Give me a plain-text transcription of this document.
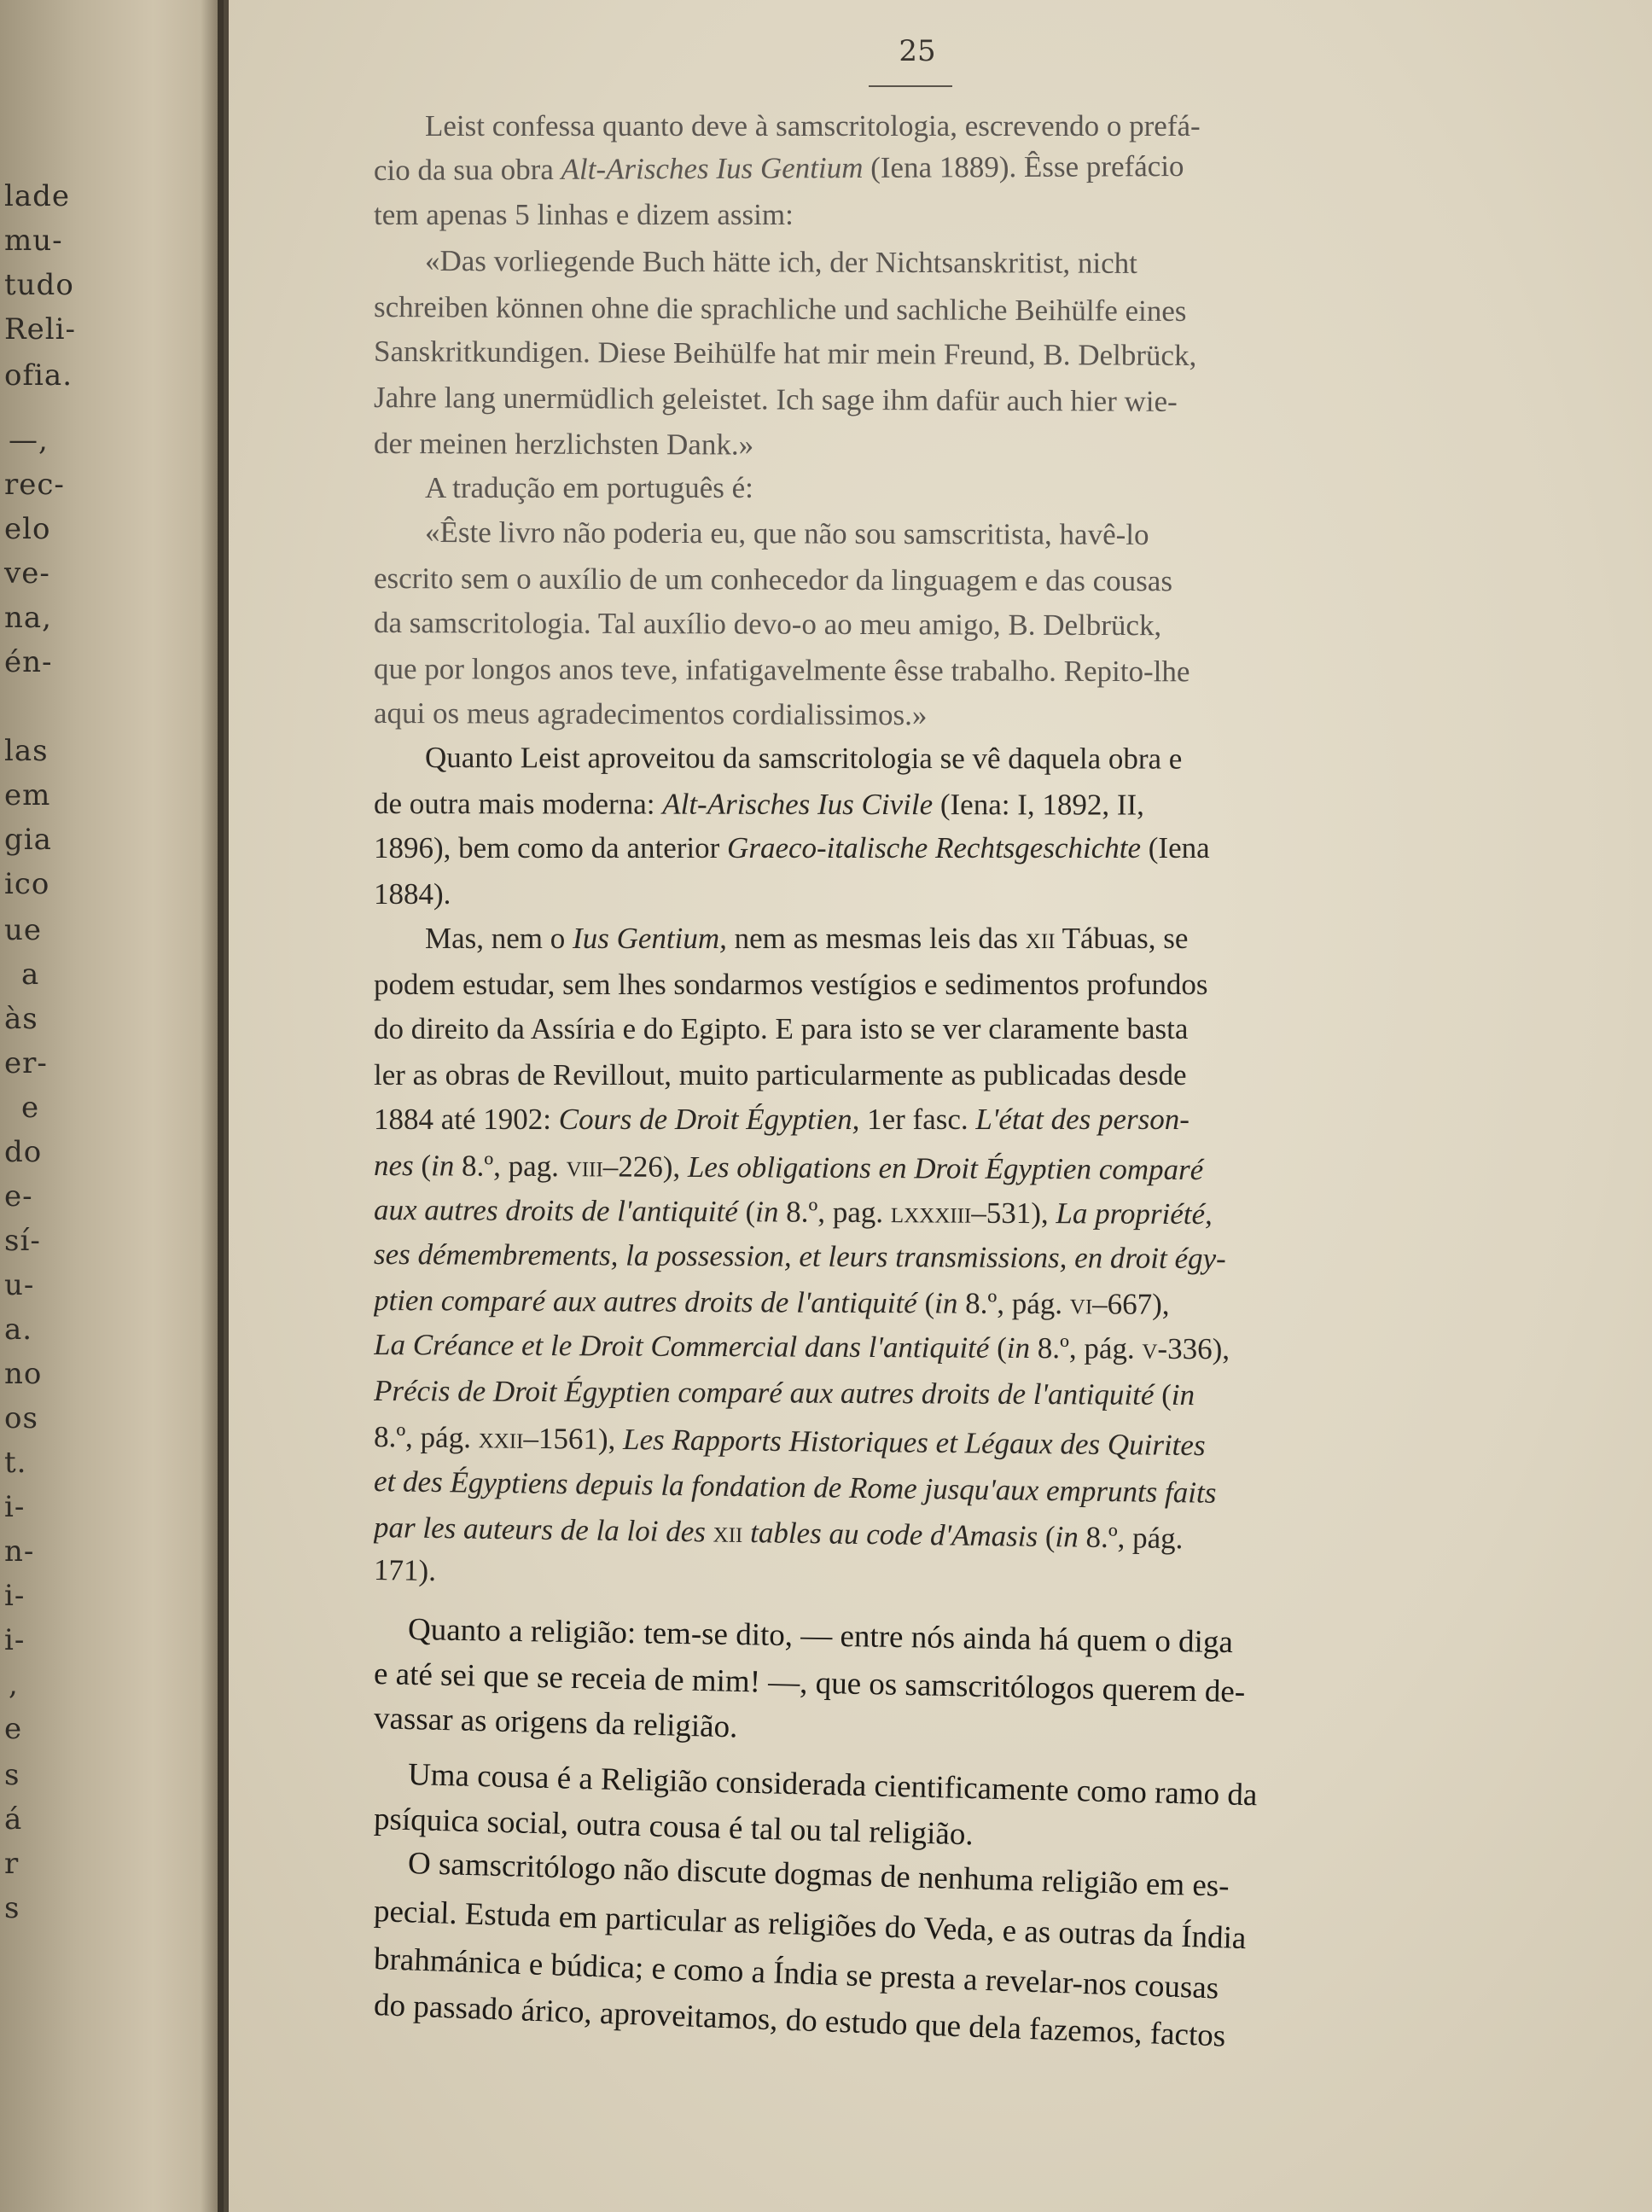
lade
mu-
tudo
Reli-
ofia.
—,
rec-
elo
ve-
na,
én-
las
em
gia
ico
ue
a
às
er-
e
do
e-
sí-
u-
a.
no
os
t.
i-
n-
i-
i-
,
e
s
á
r
s
25
Leist confessa quanto deve à samscritologia, escrevendo o prefá-
cio da sua obra Alt-Arisches Ius Gentium (Iena 1889). Êsse prefácio
tem apenas 5 linhas e dizem assim:
«Das vorliegende Buch hätte ich, der Nichtsanskritist, nicht
schreiben können ohne die sprachliche und sachliche Beihülfe eines
Sanskritkundigen. Diese Beihülfe hat mir mein Freund, B. Delbrück,
Jahre lang unermüdlich geleistet. Ich sage ihm dafür auch hier wie-
der meinen herzlichsten Dank.»
A tradução em português é:
«Êste livro não poderia eu, que não sou samscritista, havê-lo
escrito sem o auxílio de um conhecedor da linguagem e das cousas
da samscritologia. Tal auxílio devo-o ao meu amigo, B. Delbrück,
que por longos anos teve, infatigavelmente êsse trabalho. Repito-lhe
aqui os meus agradecimentos cordialissimos.»
Quanto Leist aproveitou da samscritologia se vê daquela obra e
de outra mais moderna: Alt-Arisches Ius Civile (Iena: I, 1892, II,
1896), bem como da anterior Graeco-italische Rechtsgeschichte (Iena
1884).
Mas, nem o Ius Gentium, nem as mesmas leis das xii Tábuas, se
podem estudar, sem lhes sondarmos vestígios e sedimentos profundos
do direito da Assíria e do Egipto. E para isto se ver claramente basta
ler as obras de Revillout, muito particularmente as publicadas desde
1884 até 1902: Cours de Droit Égyptien, 1er fasc. L'état des person-
nes (in 8.º, pag. viii–226), Les obligations en Droit Égyptien comparé
aux autres droits de l'antiquité (in 8.º, pag. lxxxiii–531), La propriété,
ses démembrements, la possession, et leurs transmissions, en droit égy-
ptien comparé aux autres droits de l'antiquité (in 8.º, pág. vi–667),
La Créance et le Droit Commercial dans l'antiquité (in 8.º, pág. v-336),
Précis de Droit Égyptien comparé aux autres droits de l'antiquité (in
8.º, pág. xxii–1561), Les Rapports Historiques et Légaux des Quirites
et des Égyptiens depuis la fondation de Rome jusqu'aux emprunts faits
par les auteurs de la loi des xii tables au code d'Amasis (in 8.º, pág.
171).
Quanto a religião: tem-se dito, — entre nós ainda há quem o diga
e até sei que se receia de mim! —, que os samscritólogos querem de-
vassar as origens da religião.
Uma cousa é a Religião considerada cientificamente como ramo da
psíquica social, outra cousa é tal ou tal religião.
O samscritólogo não discute dogmas de nenhuma religião em es-
pecial. Estuda em particular as religiões do Veda, e as outras da Índia
brahmánica e búdica; e como a Índia se presta a revelar-nos cousas
do passado árico, aproveitamos, do estudo que dela fazemos, factos
